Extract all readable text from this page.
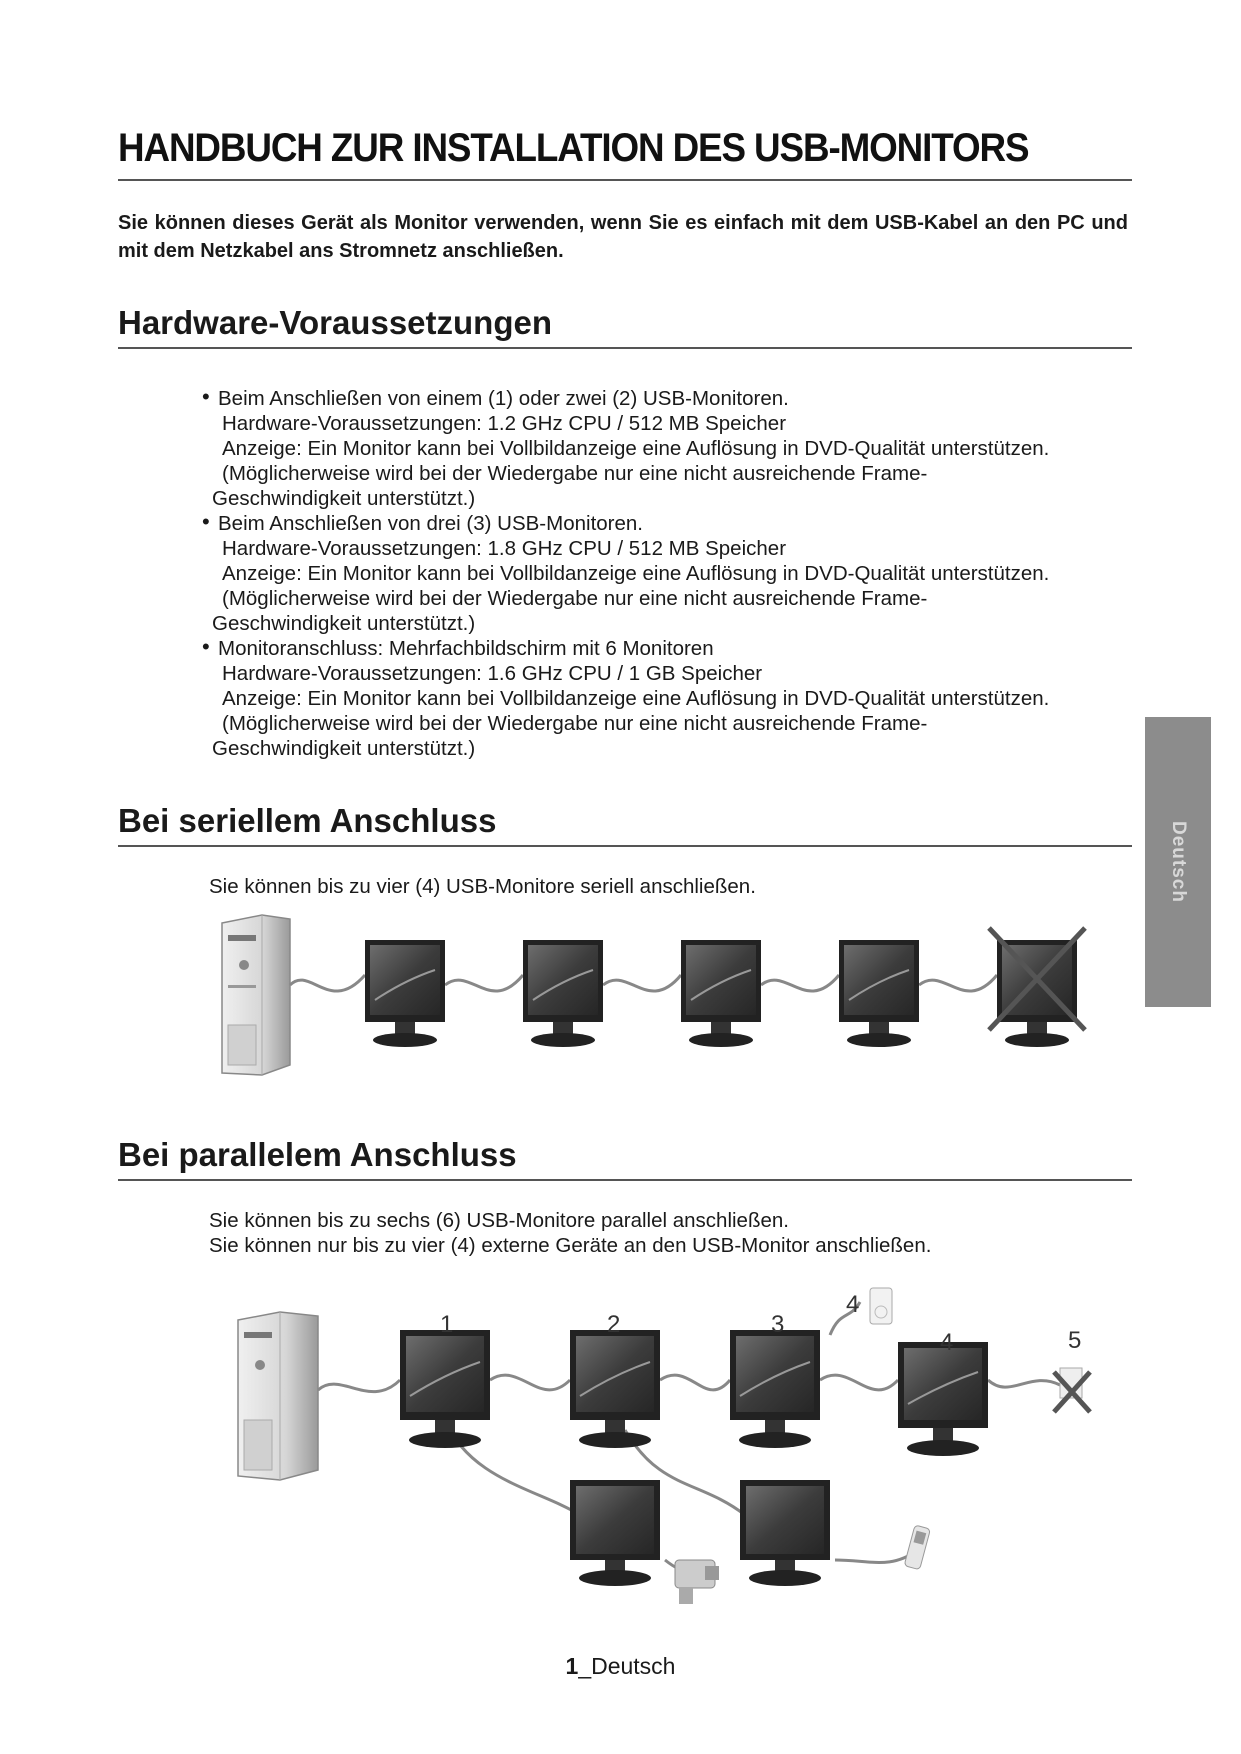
HANDBUCH ZUR INSTALLATION DES USB-MONITORS

Sie können dieses Gerät als Monitor verwenden, wenn Sie es einfach mit dem USB-Kabel an den PC und mit dem Netzkabel ans Stromnetz anschließen.

Hardware-Voraussetzungen
• Beim Anschließen von einem (1) oder zwei (2) USB-Monitoren.
Hardware-Voraussetzungen: 1.2 GHz CPU / 512 MB Speicher
Anzeige: Ein Monitor kann bei Vollbildanzeige eine Auflösung in DVD-Qualität unterstützen.
(Möglicherweise wird bei der Wiedergabe nur eine nicht ausreichende Frame-
Geschwindigkeit unterstützt.)
• Beim Anschließen von drei (3) USB-Monitoren.
Hardware-Voraussetzungen: 1.8 GHz CPU / 512 MB Speicher
Anzeige: Ein Monitor kann bei Vollbildanzeige eine Auflösung in DVD-Qualität unterstützen.
(Möglicherweise wird bei der Wiedergabe nur eine nicht ausreichende Frame-
Geschwindigkeit unterstützt.)
• Monitoranschluss: Mehrfachbildschirm mit 6 Monitoren
Hardware-Voraussetzungen: 1.6 GHz CPU / 1 GB Speicher
Anzeige: Ein Monitor kann bei Vollbildanzeige eine Auflösung in DVD-Qualität unterstützen.
(Möglicherweise wird bei der Wiedergabe nur eine nicht ausreichende Frame-
Geschwindigkeit unterstützt.)
Bei seriellem Anschluss

Sie können bis zu vier (4) USB-Monitore seriell anschließen.

Bei parallelem Anschluss

Sie können bis zu sechs (6) USB-Monitore parallel anschließen.

Sie können nur bis zu vier (4) externe Geräte an den USB-Monitor anschließen.

1	2	3
4
4
5
Deutsch
1_Deutsch
